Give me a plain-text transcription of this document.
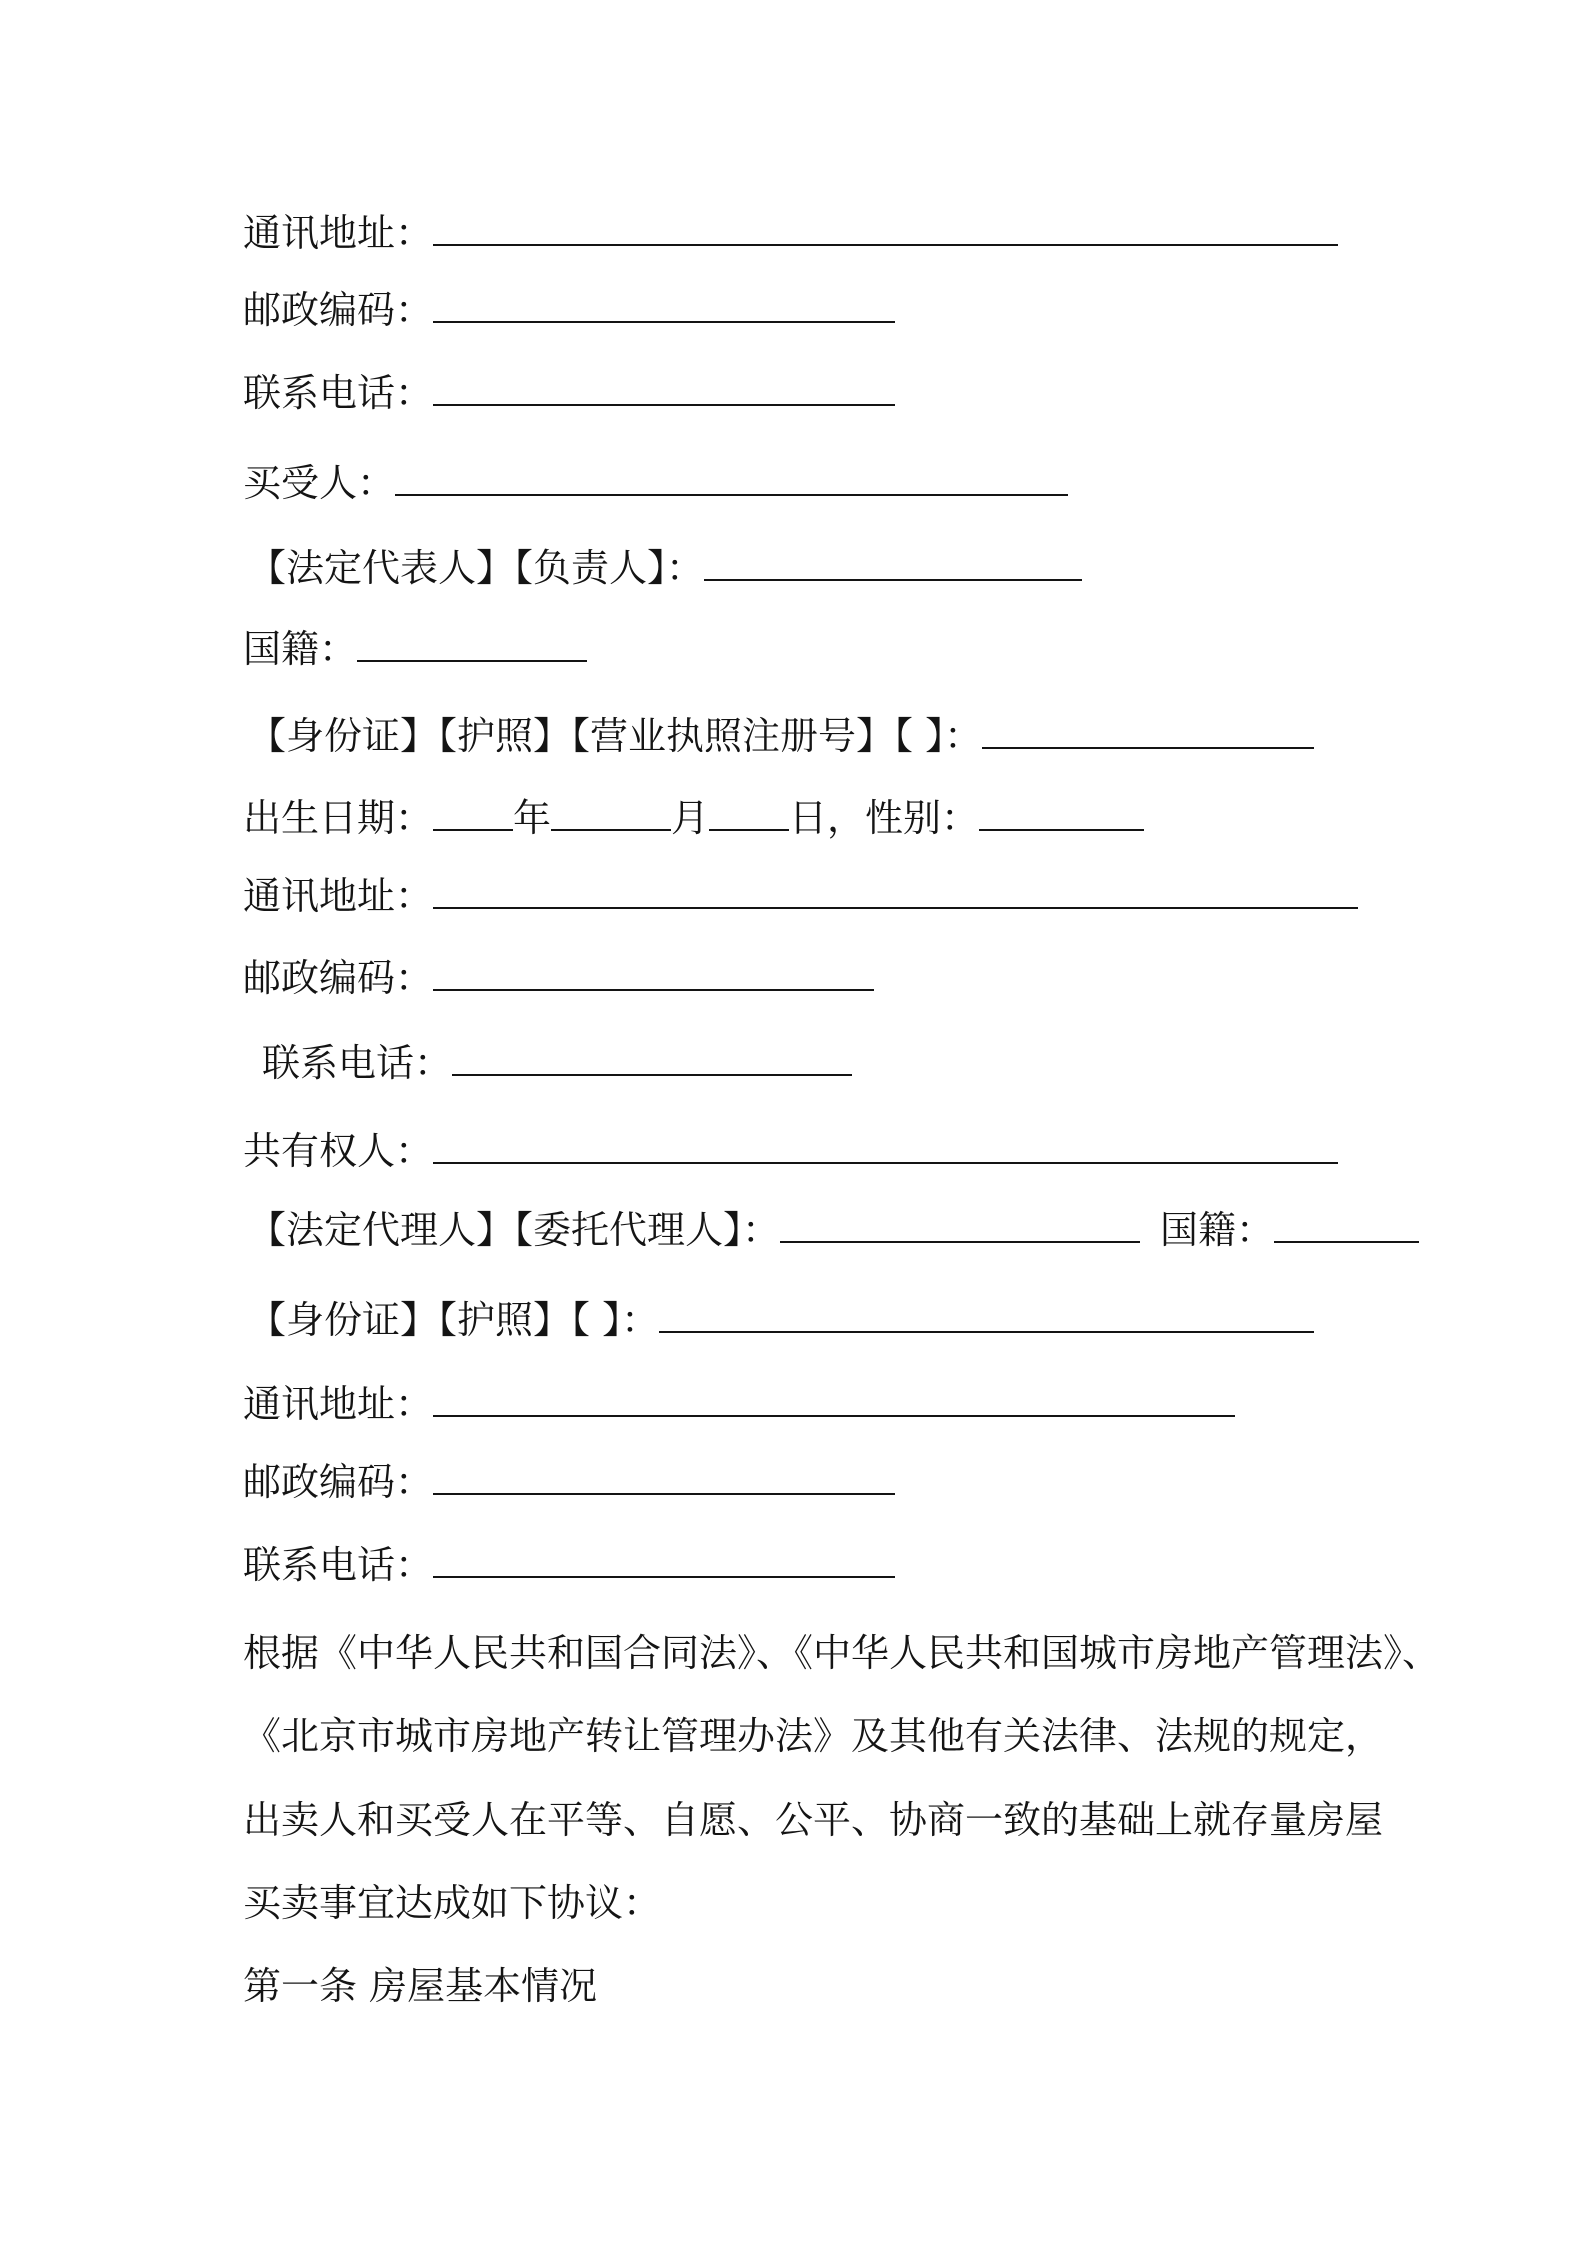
通讯地址：
邮政编码：
联系电话：
买受人：
【法定代表人】【负责人】：
国籍：
【身份证】【护照】【营业执照注册号】【 】：
出生日期： 年	月 日，性别：
通讯地址：
邮政编码：
联系电话：
共有权人：
【法定代理人】【委托代理人】：	国籍：
【身份证】【护照】【 】：
通讯地址：
邮政编码：
联系电话：
根据《中华人民共和国合同法》、《中华人民共和国城市房地产管理法》、
《北京市城市房地产转让管理办法》及其他有关法律、法规的规定，
出卖人和买受人在平等、自愿、公平、协商一致的基础上就存量房屋
买卖事宜达成如下协议：
第一条 房屋基本情况
